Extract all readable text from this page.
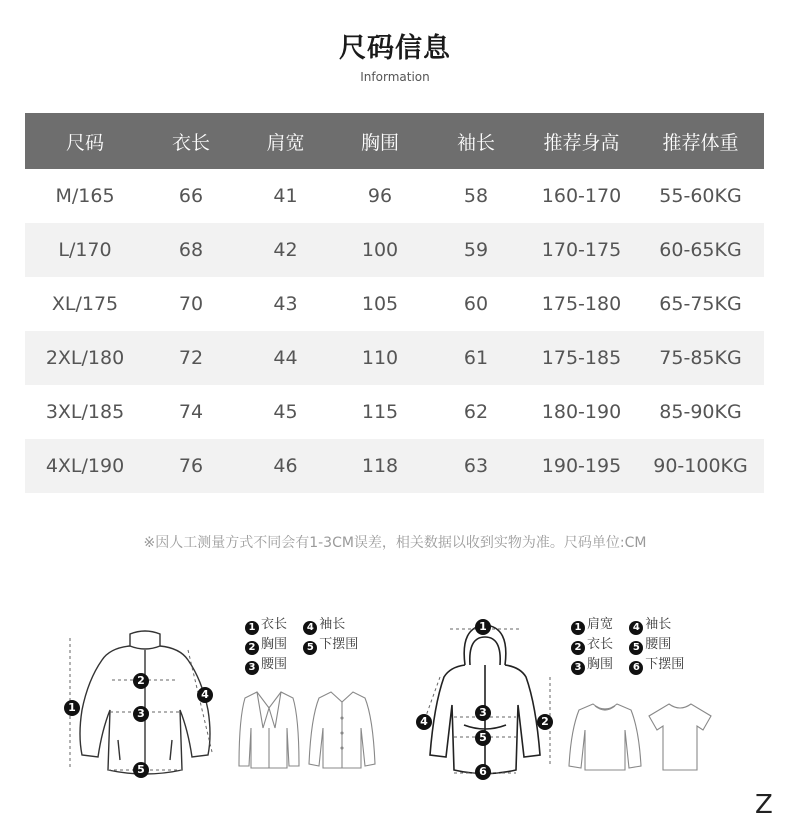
尺码信息
Information
尺码	衣长	肩宽	胸围	袖长	推荐身高	推荐体重
M/165	66	41	96	58	160-170	55-60KG
L/170	68	42	100	59	170-175	60-65KG
XL/175	70	43	105	60	175-180	65-75KG
2XL/180	72	44	110	61	175-185	75-85KG
3XL/185	74	45	115	62	180-190	85-90KG
4XL/190	76	46	118	63	190-195	90-100KG
※因人工测量方式不同会有1-3CM误差，相关数据以收到实物为准。尺码单位:CM
1
2
3
4
5
1 衣长 4 袖长
2 胸围 5 下摆围
3 腰围
1
2
3
4
5
6
1 肩宽 4 袖长
2 衣长 5 腰围
3 胸围 6 下摆围
Z
